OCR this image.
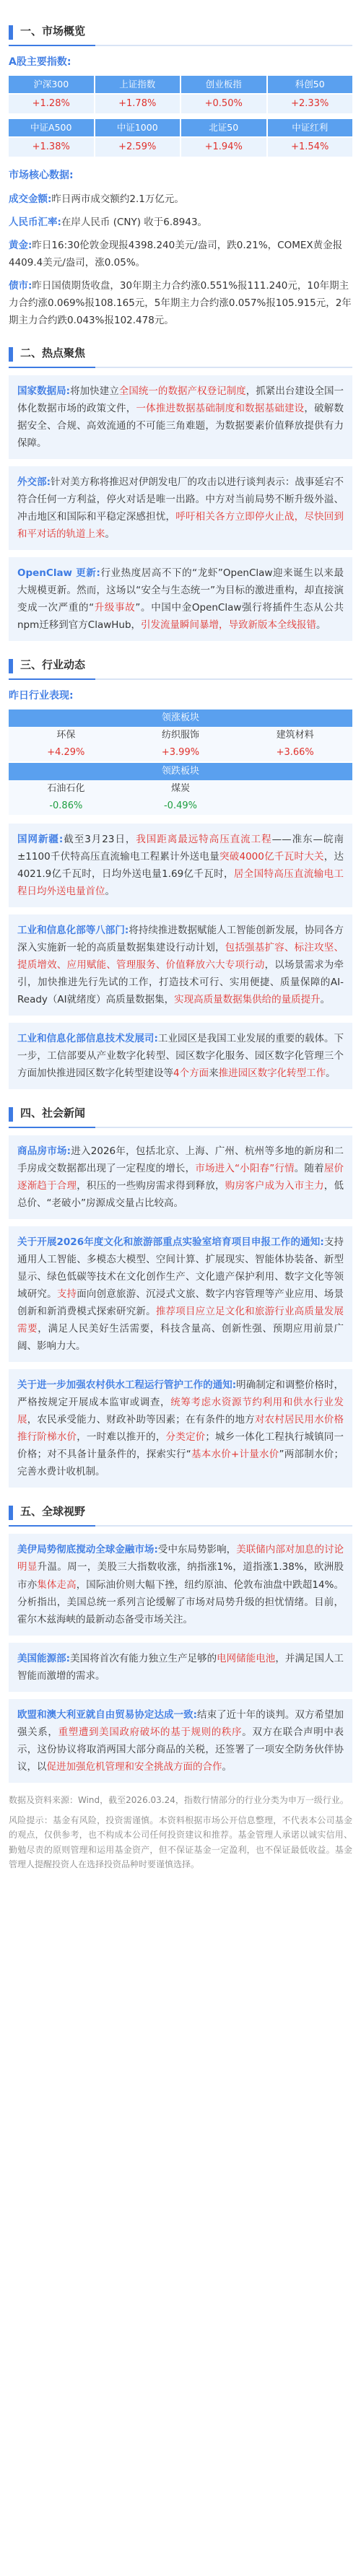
一、市场概览
A股主要指数:
沪深300	上证指数	创业板指	科创50
+1.28%	+1.78%	+0.50%	+2.33%
中证A500	中证1000	北证50	中证红利
+1.38%	+2.59%	+1.94%	+1.54%
市场核心数据:

成交金额:昨日两市成交额约2.1万亿元。

人民币汇率:在岸人民币 (CNY) 收于6.8943。

黄金:昨日16:30伦敦金现报4398.240美元/盎司，跌0.21%，COMEX黄金报4409.4美元/盎司，涨0.05%。

债市:昨日国债期货收盘，30年期主力合约涨0.551%报111.240元，10年期主力合约涨0.069%报108.165元，5年期主力合约涨0.057%报105.915元，2年期主力合约跌0.043%报102.478元。

二、热点聚焦

国家数据局:将加快建立全国统一的数据产权登记制度，抓紧出台建设全国一体化数据市场的政策文件，一体推进数据基础制度和数据基础建设，破解数据安全、合规、高效流通的不可能三角难题，为数据要素价值释放提供有力保障。

外交部:针对美方称将推迟对伊朗发电厂的攻击以进行谈判表示：战事延宕不符合任何一方利益，停火对话是唯一出路。中方对当前局势不断升级外溢、冲击地区和国际和平稳定深感担忧，呼吁相关各方立即停火止战，尽快回到和平对话的轨道上来。

OpenClaw 更新:行业热度居高不下的“龙虾”OpenClaw迎来诞生以来最大规模更新。然而，这场以“安全与生态统一”为目标的激进重构，却直接演变成一次严重的“升级事故”。中国中金OpenClaw强行将插件生态从公共npm迁移到官方ClawHub，引发流量瞬间暴增，导致新版本全线报错。

三、行业动态
昨日行业表现:
领涨板块
环保	纺织服饰	建筑材料
+4.29%	+3.99%	+3.66%
领跌板块
石油石化	煤炭
-0.86%	-0.49%

国网新疆:截至3月23日，我国距离最远特高压直流工程——准东—皖南±1100千伏特高压直流输电工程累计外送电量突破4000亿千瓦时大关，达4021.9亿千瓦时，日均外送电量1.69亿千瓦时，居全国特高压直流输电工程日均外送电量首位。

工业和信息化部等八部门:将持续推进数据赋能人工智能创新发展，协同各方深入实施新一轮的高质量数据集建设行动计划，包括强基扩容、标注攻坚、提质增效、应用赋能、管理服务、价值释放六大专项行动，以场景需求为牵引，加快推进先行先试的工作，打造技术可行、实用便捷、质量保障的AI-Ready（AI就绪度）高质量数据集，实现高质量数据集供给的量质提升。

工业和信息化部信息技术发展司:工业园区是我国工业发展的重要的载体。下一步，工信部要从产业数字化转型、园区数字化服务、园区数字化管理三个方面加快推进园区数字化转型建设等4个方面来推进园区数字化转型工作。

四、社会新闻

商品房市场:进入2026年，包括北京、上海、广州、杭州等多地的新房和二手房成交数据都出现了一定程度的增长，市场进入“小阳春”行情。随着屋价逐渐趋于合理，积压的一些购房需求得到释放，购房客户成为入市主力，低总价、“老破小”房源成交量占比较高。

关于开展2026年度文化和旅游部重点实验室培育项目申报工作的通知:支持通用人工智能、多模态大模型、空间计算、扩展现实、智能体协装备、新型显示、绿色低碳等技术在文化创作生产、文化遗产保护利用、数字文化等领域研究。支持面向创意旅游、沉浸式文旅、数字内容管理等产业应用、场景创新和新消费模式探索研究新。推荐项目应立足文化和旅游行业高质量发展需要，满足人民美好生活需要，科技含量高、创新性强、预期应用前景广阔、影响力大。

关于进一步加强农村供水工程运行管护工作的通知:明确制定和调整价格时，严格按规定开展成本监审或调查，统筹考虑水资源节约利用和供水行业发展，农民承受能力、财政补助等因素；在有条件的地方对农村居民用水价格推行阶梯水价，一时难以推开的，分类定价；城乡一体化工程执行城镇同一价格；对不具备计量条件的，探索实行“基本水价+计量水价”两部制水价；完善水费计收机制。

五、全球视野

美伊局势彻底搅动全球金融市场:受中东局势影响，美联储内部对加息的讨论明显升温。周一，美股三大指数收涨，纳指涨1%，道指涨1.38%，欧洲股市亦集体走高，国际油价则大幅下挫，纽约原油、伦敦布油盘中跌超14%。分析指出，美国总统一系列言论缓解了市场对局势升级的担忧情绪。目前，霍尔木兹海峡的最新动态备受市场关注。

美国能源部:美国将首次有能力独立生产足够的电网储能电池，并满足国人工智能而激增的需求。

欧盟和澳大利亚就自由贸易协定达成一致:结束了近十年的谈判。双方希望加强关系，重塑遭到美国政府破坏的基于规则的秩序。双方在联合声明中表示，这份协议将取消两国大部分商品的关税，还签署了一项安全防务伙伴协议，以促进加强危机管理和安全挑战方面的合作。

数据及资料来源：Wind，截至2026.03.24，指数行情部分的行业分类为申万一级行业。

风险提示：基金有风险，投资需谨慎。本资料根据市场公开信息整理，不代表本公司基金的观点，仅供参考，也不构成本公司任何投资建议和推荐。基金管理人承诺以诚实信用、勤勉尽责的原则管理和运用基金资产，但不保证基金一定盈利，也不保证最低收益。基金管理人提醒投资人在选择投资品种时要谨慎选择。
